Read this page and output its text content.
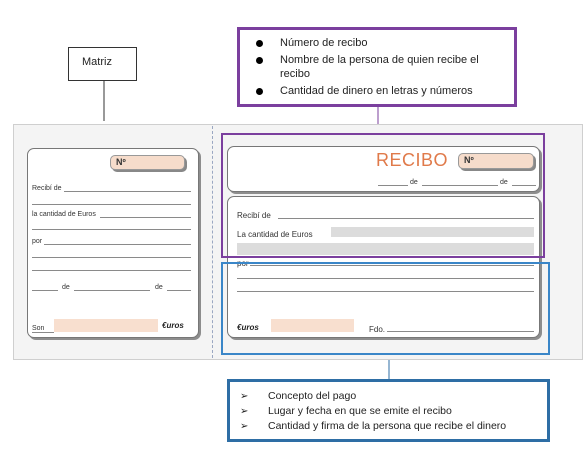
Matriz
Número de recibo
Nombre de la persona de quien recibe el recibo
Cantidad de dinero en letras y números
Nº
Recibí de
la cantidad de Euros
por
de	de
Son	€uros
RECIBO	Nº
de	de
Recibí de
La cantidad de Euros
por
€uros	Fdo.
➢ Concepto del pago
➢ Lugar y fecha en que se emite el recibo
➢ Cantidad y firma de la persona que recibe el dinero
